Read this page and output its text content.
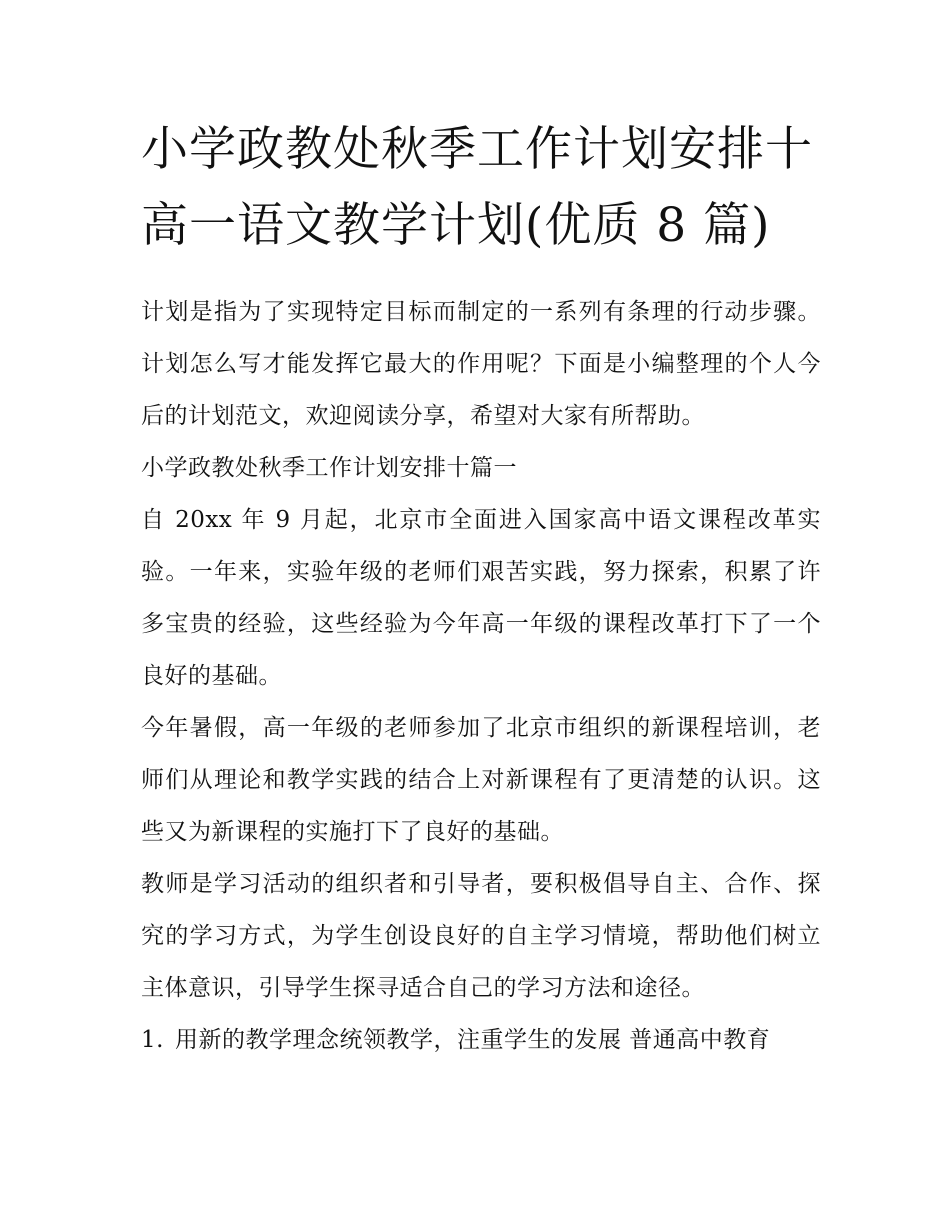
小学政教处秋季工作计划安排十 高一语文教学计划(优质 8 篇)

计划是指为了实现特定目标而制定的一系列有条理的行动步骤。计划怎么写才能发挥它最大的作用呢？下面是小编整理的个人今后的计划范文，欢迎阅读分享，希望对大家有所帮助。

小学政教处秋季工作计划安排十篇一

自 20xx 年 9 月起，北京市全面进入国家高中语文课程改革实验。一年来，实验年级的老师们艰苦实践，努力探索，积累了许多宝贵的经验，这些经验为今年高一年级的课程改革打下了一个良好的基础。

今年暑假，高一年级的老师参加了北京市组织的新课程培训，老师们从理论和教学实践的结合上对新课程有了更清楚的认识。这些又为新课程的实施打下了良好的基础。

教师是学习活动的组织者和引导者，要积极倡导自主、合作、探究的学习方式，为学生创设良好的自主学习情境，帮助他们树立主体意识，引导学生探寻适合自己的学习方法和途径。

1. 用新的教学理念统领教学，注重学生的发展 普通高中教育
